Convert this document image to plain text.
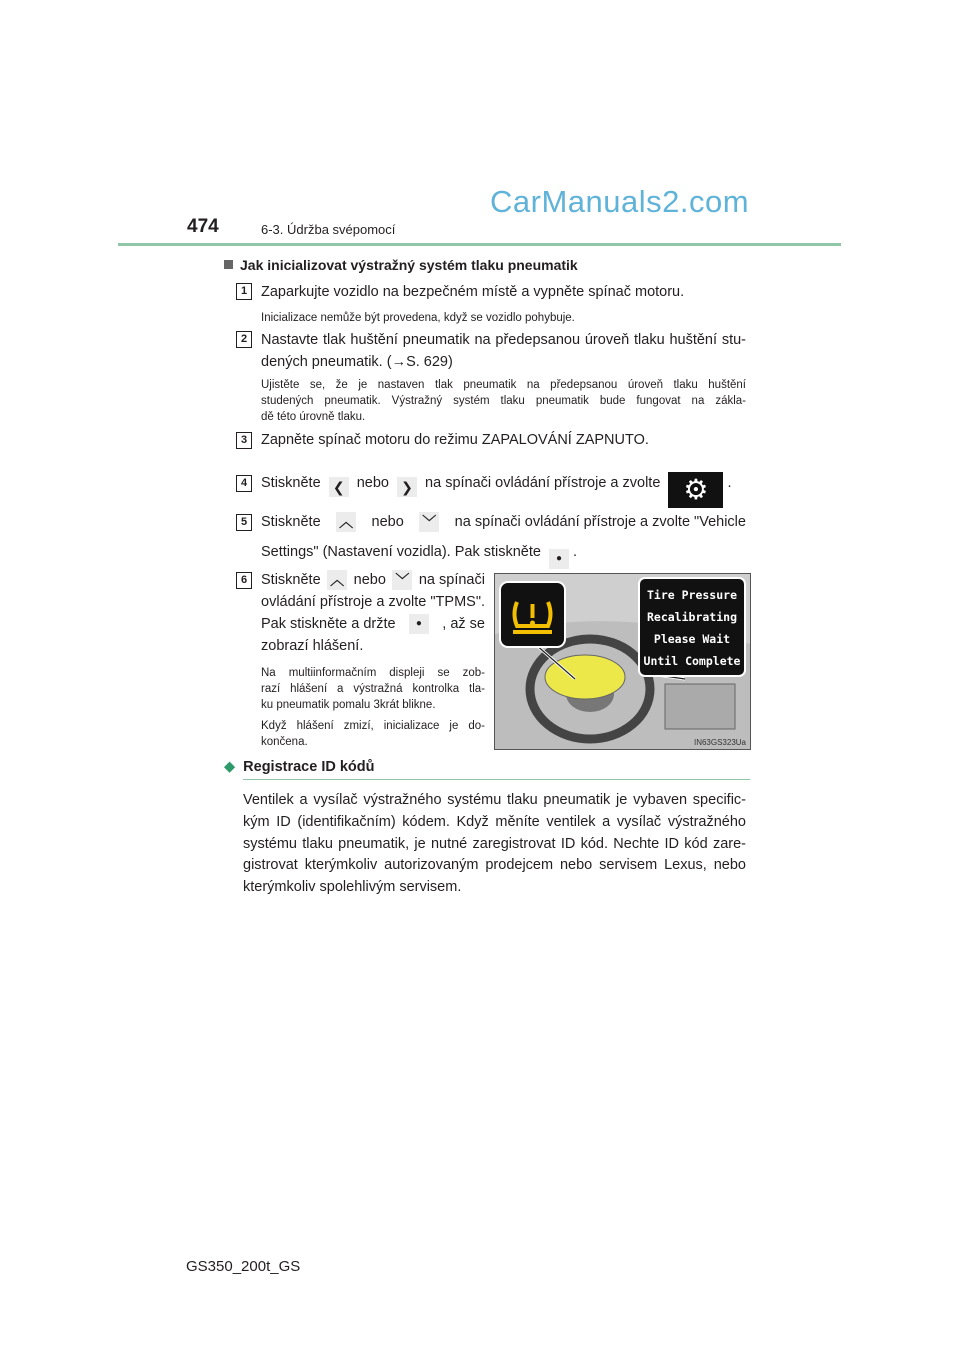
474	6-3. Údržba svépomocí
CarManuals2.com
Jak inicializovat výstražný systém tlaku pneumatik
1 Zaparkujte vozidlo na bezpečném místě a vypněte spínač motoru.
Inicializace nemůže být provedena, když se vozidlo pohybuje.
2 Nastavte tlak huštění pneumatik na předepsanou úroveň tlaku huštění stu-
dených pneumatik. (→S. 629)
Ujistěte se, že je nastaven tlak pneumatik na předepsanou úroveň tlaku huštění
studených pneumatik. Výstražný systém tlaku pneumatik bude fungovat na zákla-
dě této úrovně tlaku.
3 Zapněte spínač motoru do režimu ZAPALOVÁNÍ ZAPNUTO.
4 Stiskněte ❮ nebo ❯ na spínači ovládání přístroje a zvolte ⚙ .
5 Stiskněte ︿ nebo ﹀ na spínači ovládání přístroje a zvolte "Vehicle
Settings" (Nastavení vozidla). Pak stiskněte ● .
6 Stiskněte ︿ nebo ﹀ na spínači
ovládání přístroje a zvolte "TPMS".
Pak stiskněte a držte	●	, až se
zobrazí hlášení.
Na multiinformačním displeji se zob-
razí hlášení a výstražná kontrolka tla-
ku pneumatik pomalu 3krát blikne.
Když hlášení zmizí, inicializace je do-
končena.
Tire Pressure
Recalibrating
Please Wait
Until Complete
IN63GS323Ua
◆ Registrace ID kódů
Ventilek a vysílač výstražného systému tlaku pneumatik je vybaven specific-
kým ID (identifikačním) kódem. Když měníte ventilek a vysílač výstražného
systému tlaku pneumatik, je nutné zaregistrovat ID kód. Nechte ID kód zare-
gistrovat kterýmkoliv autorizovaným prodejcem nebo servisem Lexus, nebo
kterýmkoliv spolehlivým servisem.
GS350_200t_GS
